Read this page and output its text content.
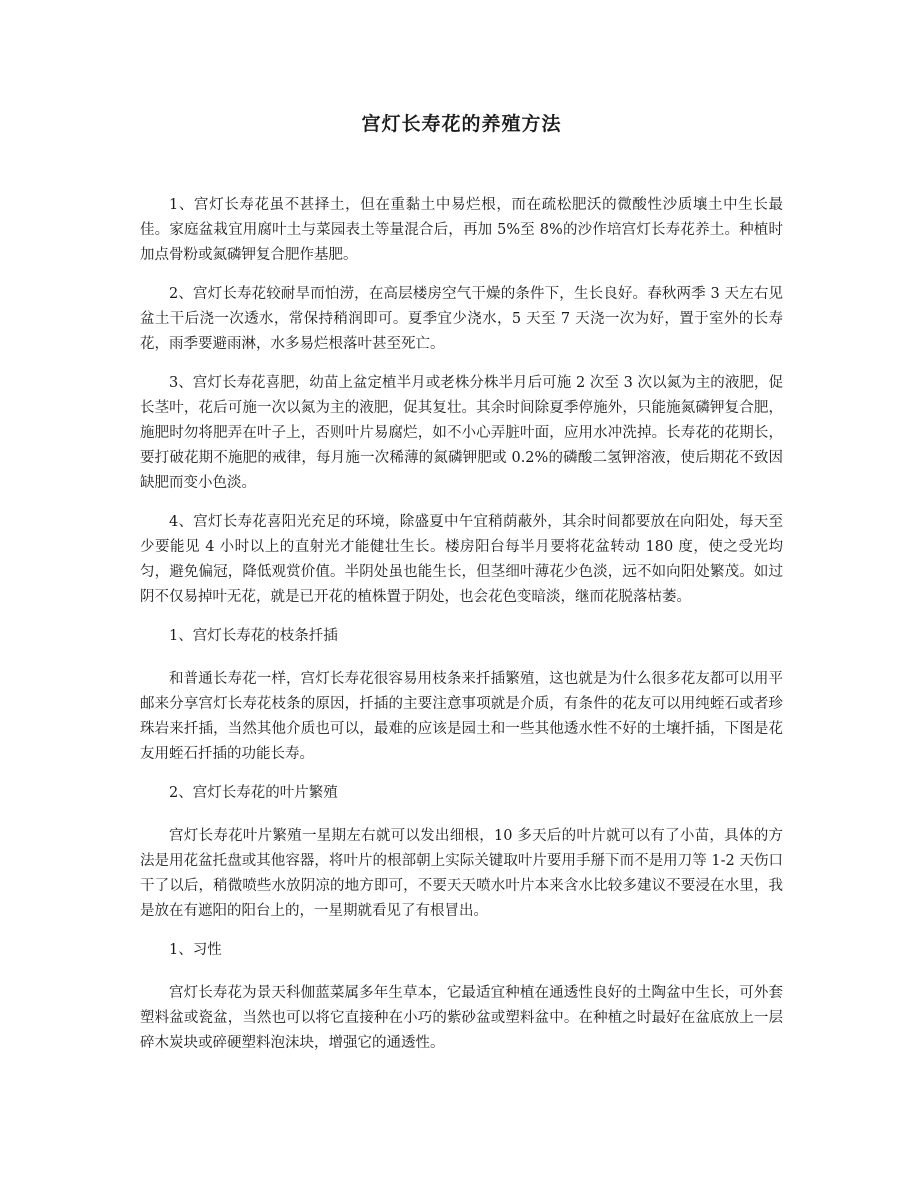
宫灯长寿花的养殖方法

1、宫灯长寿花虽不甚择土，但在重黏土中易烂根，而在疏松肥沃的微酸性沙质壤土中生长最佳。家庭盆栽宜用腐叶土与菜园表土等量混合后，再加 5%至 8%的沙作培宫灯长寿花养土。种植时加点骨粉或氮磷钾复合肥作基肥。

2、宫灯长寿花较耐旱而怕涝，在高层楼房空气干燥的条件下，生长良好。春秋两季 3 天左右见盆土干后浇一次透水，常保持稍润即可。夏季宜少浇水，5 天至 7 天浇一次为好，置于室外的长寿花，雨季要避雨淋，水多易烂根落叶甚至死亡。

3、宫灯长寿花喜肥，幼苗上盆定植半月或老株分株半月后可施 2 次至 3 次以氮为主的液肥，促长茎叶，花后可施一次以氮为主的液肥，促其复壮。其余时间除夏季停施外，只能施氮磷钾复合肥，施肥时勿将肥弄在叶子上，否则叶片易腐烂，如不小心弄脏叶面，应用水冲洗掉。长寿花的花期长，要打破花期不施肥的戒律，每月施一次稀薄的氮磷钾肥或 0.2%的磷酸二氢钾溶液，使后期花不致因缺肥而变小色淡。

4、宫灯长寿花喜阳光充足的环境，除盛夏中午宜稍荫蔽外，其余时间都要放在向阳处，每天至少要能见 4 小时以上的直射光才能健壮生长。楼房阳台每半月要将花盆转动 180 度，使之受光均匀，避免偏冠，降低观赏价值。半阴处虽也能生长，但茎细叶薄花少色淡，远不如向阳处繁茂。如过阴不仅易掉叶无花，就是已开花的植株置于阴处，也会花色变暗淡，继而花脱落枯萎。

1、宫灯长寿花的枝条扦插

和普通长寿花一样，宫灯长寿花很容易用枝条来扦插繁殖，这也就是为什么很多花友都可以用平邮来分享宫灯长寿花枝条的原因，扦插的主要注意事项就是介质，有条件的花友可以用纯蛭石或者珍珠岩来扦插，当然其他介质也可以，最难的应该是园土和一些其他透水性不好的土壤扦插，下图是花友用蛭石扦插的功能长寿。

2、宫灯长寿花的叶片繁殖

宫灯长寿花叶片繁殖一星期左右就可以发出细根，10 多天后的叶片就可以有了小苗，具体的方法是用花盆托盘或其他容器，将叶片的根部朝上实际关键取叶片要用手掰下而不是用刀等 1-2 天伤口干了以后，稍微喷些水放阴凉的地方即可，不要天天喷水叶片本来含水比较多建议不要浸在水里，我是放在有遮阳的阳台上的，一星期就看见了有根冒出。

1、习性

宫灯长寿花为景天科伽蓝菜属多年生草本，它最适宜种植在通透性良好的土陶盆中生长，可外套塑料盆或瓷盆，当然也可以将它直接种在小巧的紫砂盆或塑料盆中。在种植之时最好在盆底放上一层碎木炭块或碎硬塑料泡沫块，增强它的通透性。
